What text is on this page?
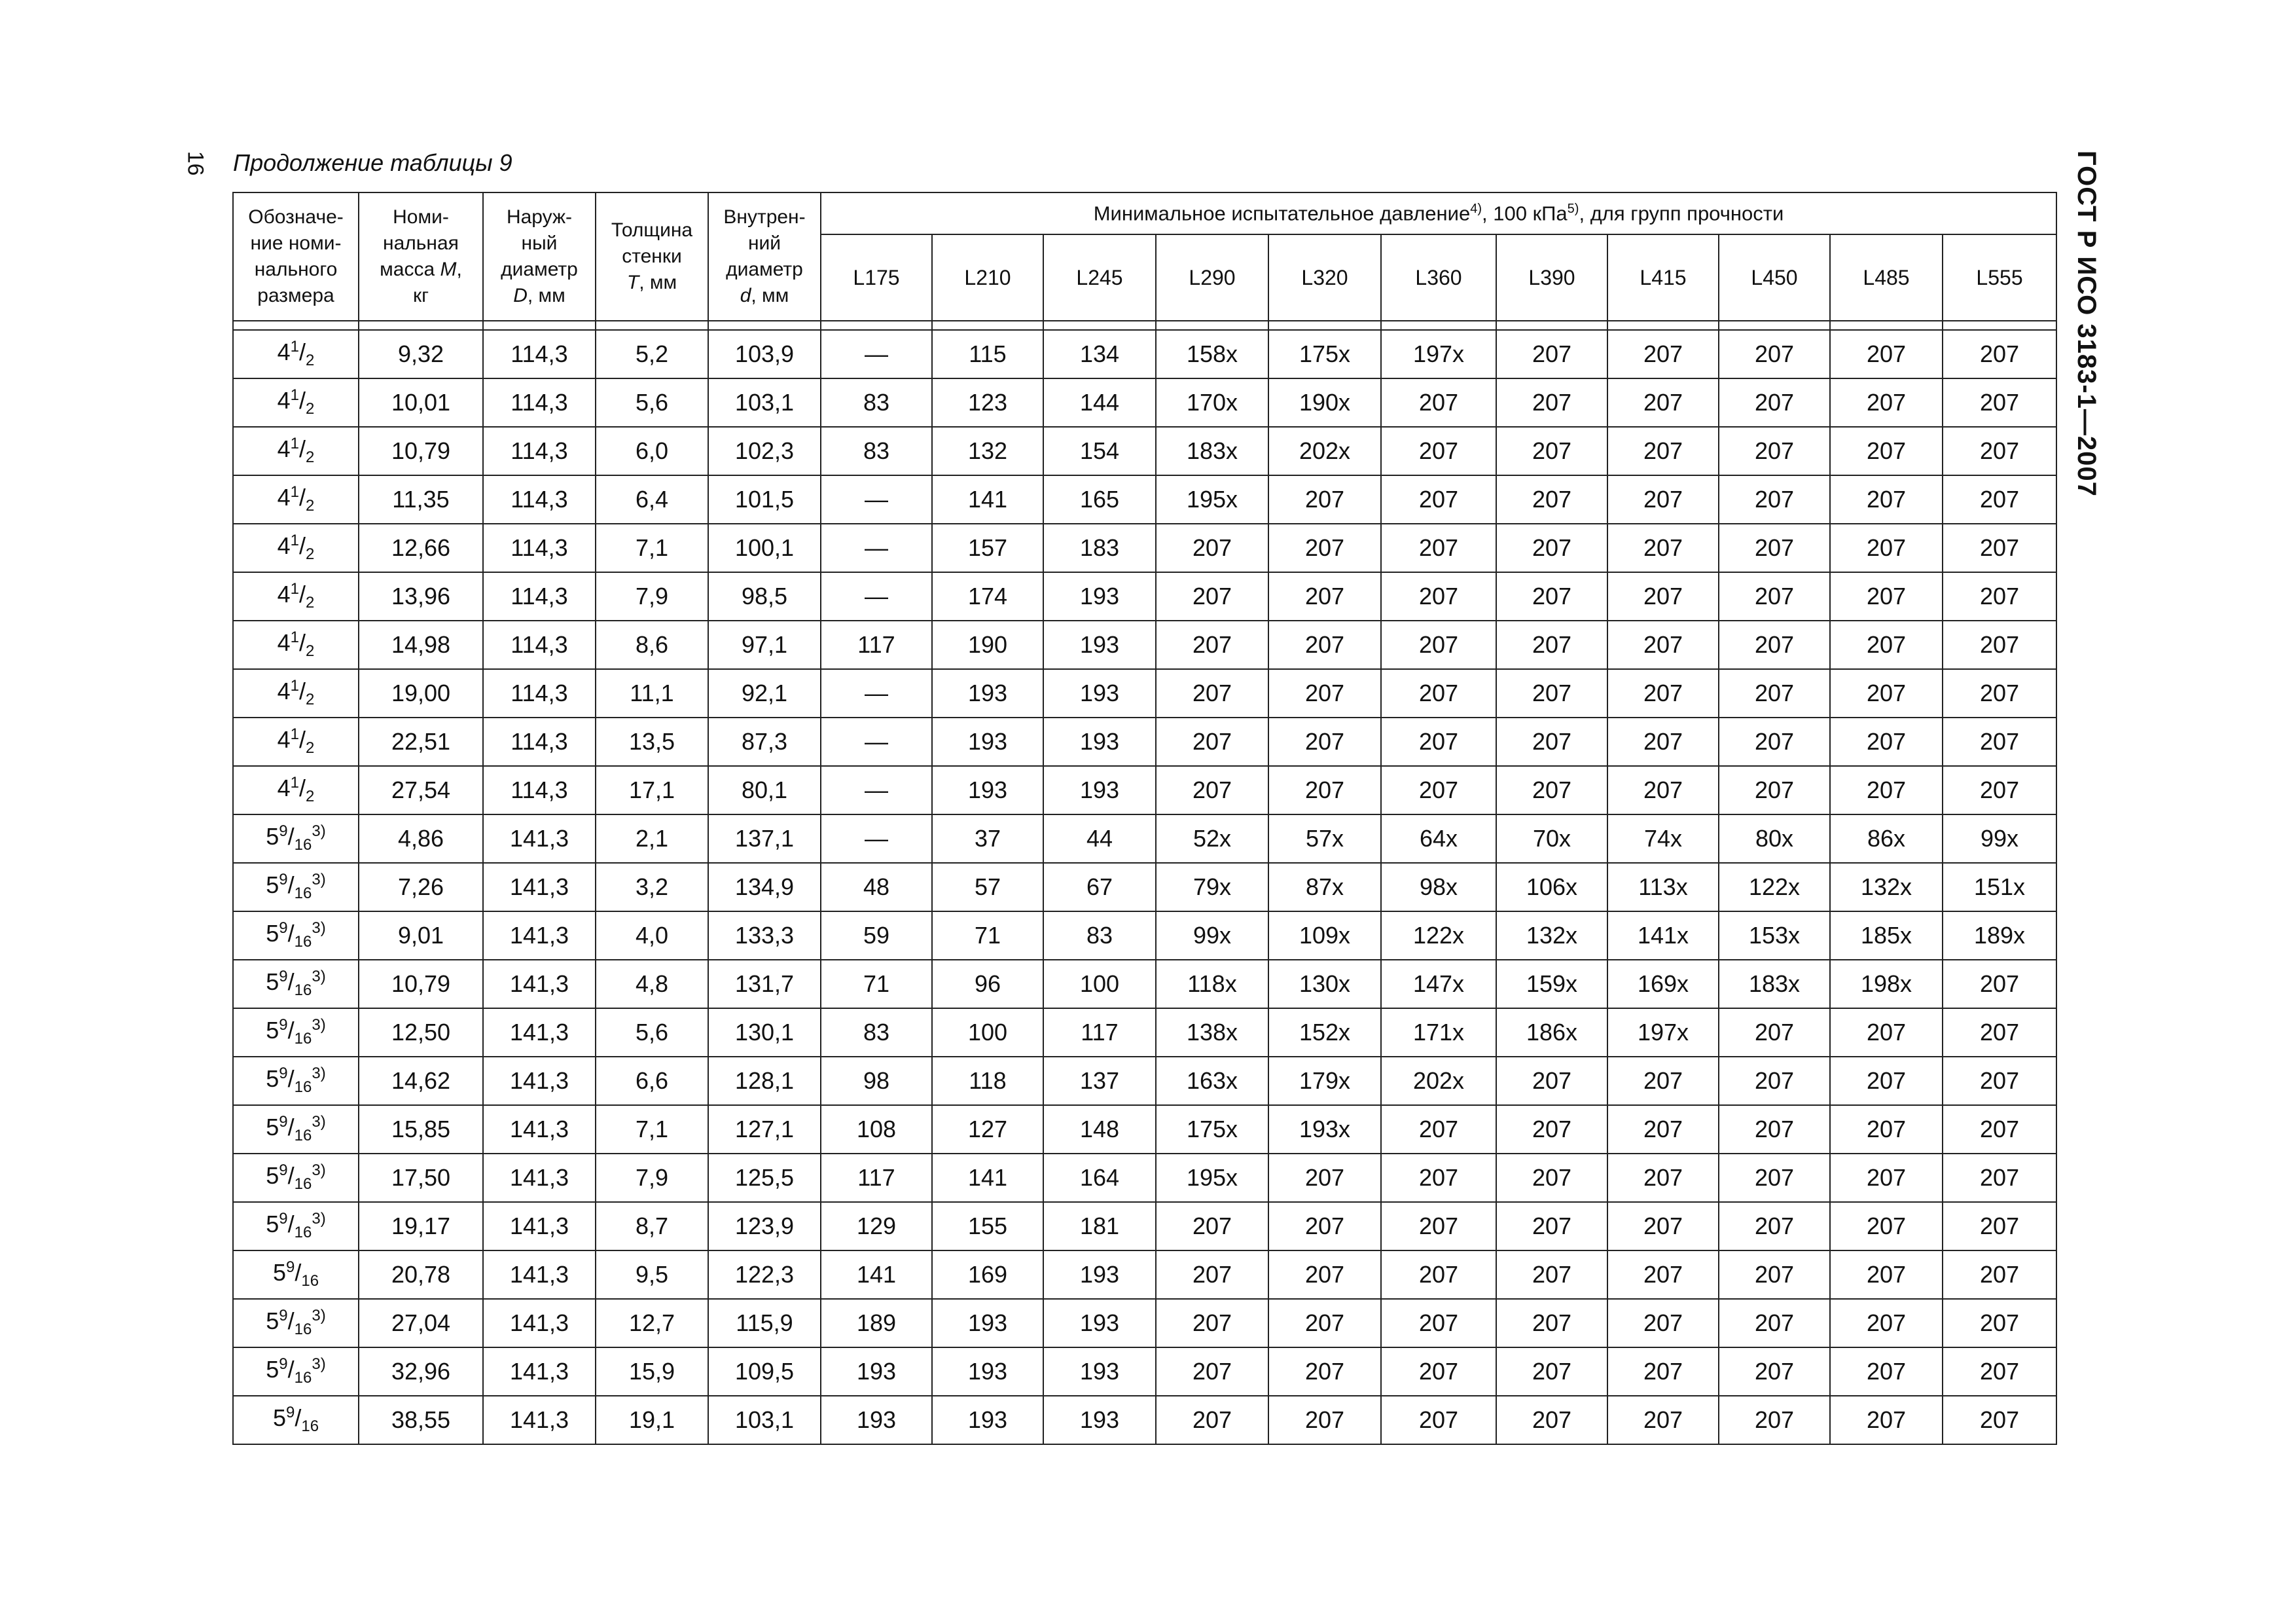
16	ГОСТ Р ИСО 3183-1—2007
Продолжение таблицы 9
Обозначе-
ние номи-
нального
размера	Номи-
нальная
масса M,
кг	Наруж-
ный
диаметр
D, мм	Толщина
стенки
T, мм	Внутрен-
ний
диаметр
d, мм	Минимальное испытательное давление$^{4)}$, 100 кПа$^{5)}$, для групп прочности										
					L175	L210	L245	L290	L320	L360	L390	L415	L450	L485	L555

$4^1/_2$	9,32	114,3	5,2	103,9	—	115	134	158x	175x	197x	207	207	207	207	207
$4^1/_2$	10,01	114,3	5,6	103,1	83	123	144	170x	190x	207	207	207	207	207	207
$4^1/_2$	10,79	114,3	6,0	102,3	83	132	154	183x	202x	207	207	207	207	207	207
$4^1/_2$	11,35	114,3	6,4	101,5	—	141	165	195x	207	207	207	207	207	207	207
$4^1/_2$	12,66	114,3	7,1	100,1	—	157	183	207	207	207	207	207	207	207	207
$4^1/_2$	13,96	114,3	7,9	98,5	—	174	193	207	207	207	207	207	207	207	207
$4^1/_2$	14,98	114,3	8,6	97,1	117	190	193	207	207	207	207	207	207	207	207
$4^1/_2$	19,00	114,3	11,1	92,1	—	193	193	207	207	207	207	207	207	207	207
$4^1/_2$	22,51	114,3	13,5	87,3	—	193	193	207	207	207	207	207	207	207	207
$4^1/_2$	27,54	114,3	17,1	80,1	—	193	193	207	207	207	207	207	207	207	207
$5^9/_{16}^{3)}$	4,86	141,3	2,1	137,1	—	37	44	52x	57x	64x	70x	74x	80x	86x	99x
$5^9/_{16}^{3)}$	7,26	141,3	3,2	134,9	48	57	67	79x	87x	98x	106x	113x	122x	132x	151x
$5^9/_{16}^{3)}$	9,01	141,3	4,0	133,3	59	71	83	99x	109x	122x	132x	141x	153x	185x	189x
$5^9/_{16}^{3)}$	10,79	141,3	4,8	131,7	71	96	100	118x	130x	147x	159x	169x	183x	198x	207
$5^9/_{16}^{3)}$	12,50	141,3	5,6	130,1	83	100	117	138x	152x	171x	186x	197x	207	207	207
$5^9/_{16}^{3)}$	14,62	141,3	6,6	128,1	98	118	137	163x	179x	202x	207	207	207	207	207
$5^9/_{16}^{3)}$	15,85	141,3	7,1	127,1	108	127	148	175x	193x	207	207	207	207	207	207
$5^9/_{16}^{3)}$	17,50	141,3	7,9	125,5	117	141	164	195x	207	207	207	207	207	207	207
$5^9/_{16}^{3)}$	19,17	141,3	8,7	123,9	129	155	181	207	207	207	207	207	207	207	207
$5^9/_{16}$	20,78	141,3	9,5	122,3	141	169	193	207	207	207	207	207	207	207	207
$5^9/_{16}^{3)}$	27,04	141,3	12,7	115,9	189	193	193	207	207	207	207	207	207	207	207
$5^9/_{16}^{3)}$	32,96	141,3	15,9	109,5	193	193	193	207	207	207	207	207	207	207	207
$5^9/_{16}$	38,55	141,3	19,1	103,1	193	193	193	207	207	207	207	207	207	207	207
